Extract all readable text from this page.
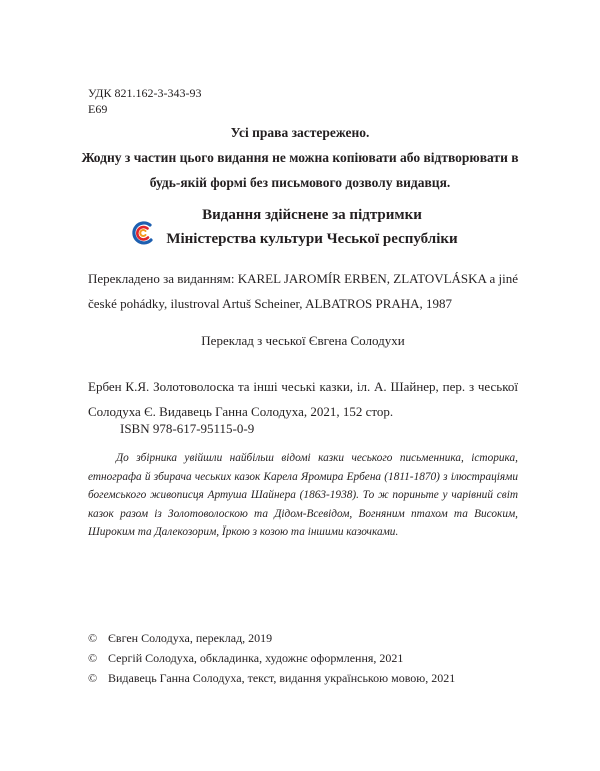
УДК 821.162-3-343-93
Е69
Усі права застережено.
Жодну з частин цього видання не можна копіювати або відтворювати в
будь-якій формі без письмового дозволу видавця.
Видання здійснене за підтримки
Міністерства культури Чеської республіки
Перекладено за виданням: KAREL JAROMÍR ERBEN, ZLATOVLÁSKA a jiné české pohádky, ilustroval Artuš Scheiner, ALBATROS PRAHA, 1987
Переклад з чеської Євгена Солодухи
Ербен К.Я. Золотоволоска та інші чеські казки, іл. А. Шайнер, пер. з чеської Солодуха Є. Видавець Ганна Солодуха, 2021, 152 стор.
ISBN 978-617-95115-0-9
До збірника увійшли найбільш відомі казки чеського письменника, історика, етнографа й збирача чеських казок Карела Яромира Ербена (1811-1870) з ілюстраціями богемського живописця Артуша Шайнера (1863-1938). То ж пориньте у чарівний світ казок разом із Золотоволоскою та Дідом-Всевідом, Вогняним птахом та Високим, Широким та Далекозорим, Їркою з козою та іншими казочками.
© Євген Солодуха, переклад, 2019
© Сергій Солодуха, обкладинка, художнє оформлення, 2021
© Видавець Ганна Солодуха, текст, видання українською мовою, 2021
